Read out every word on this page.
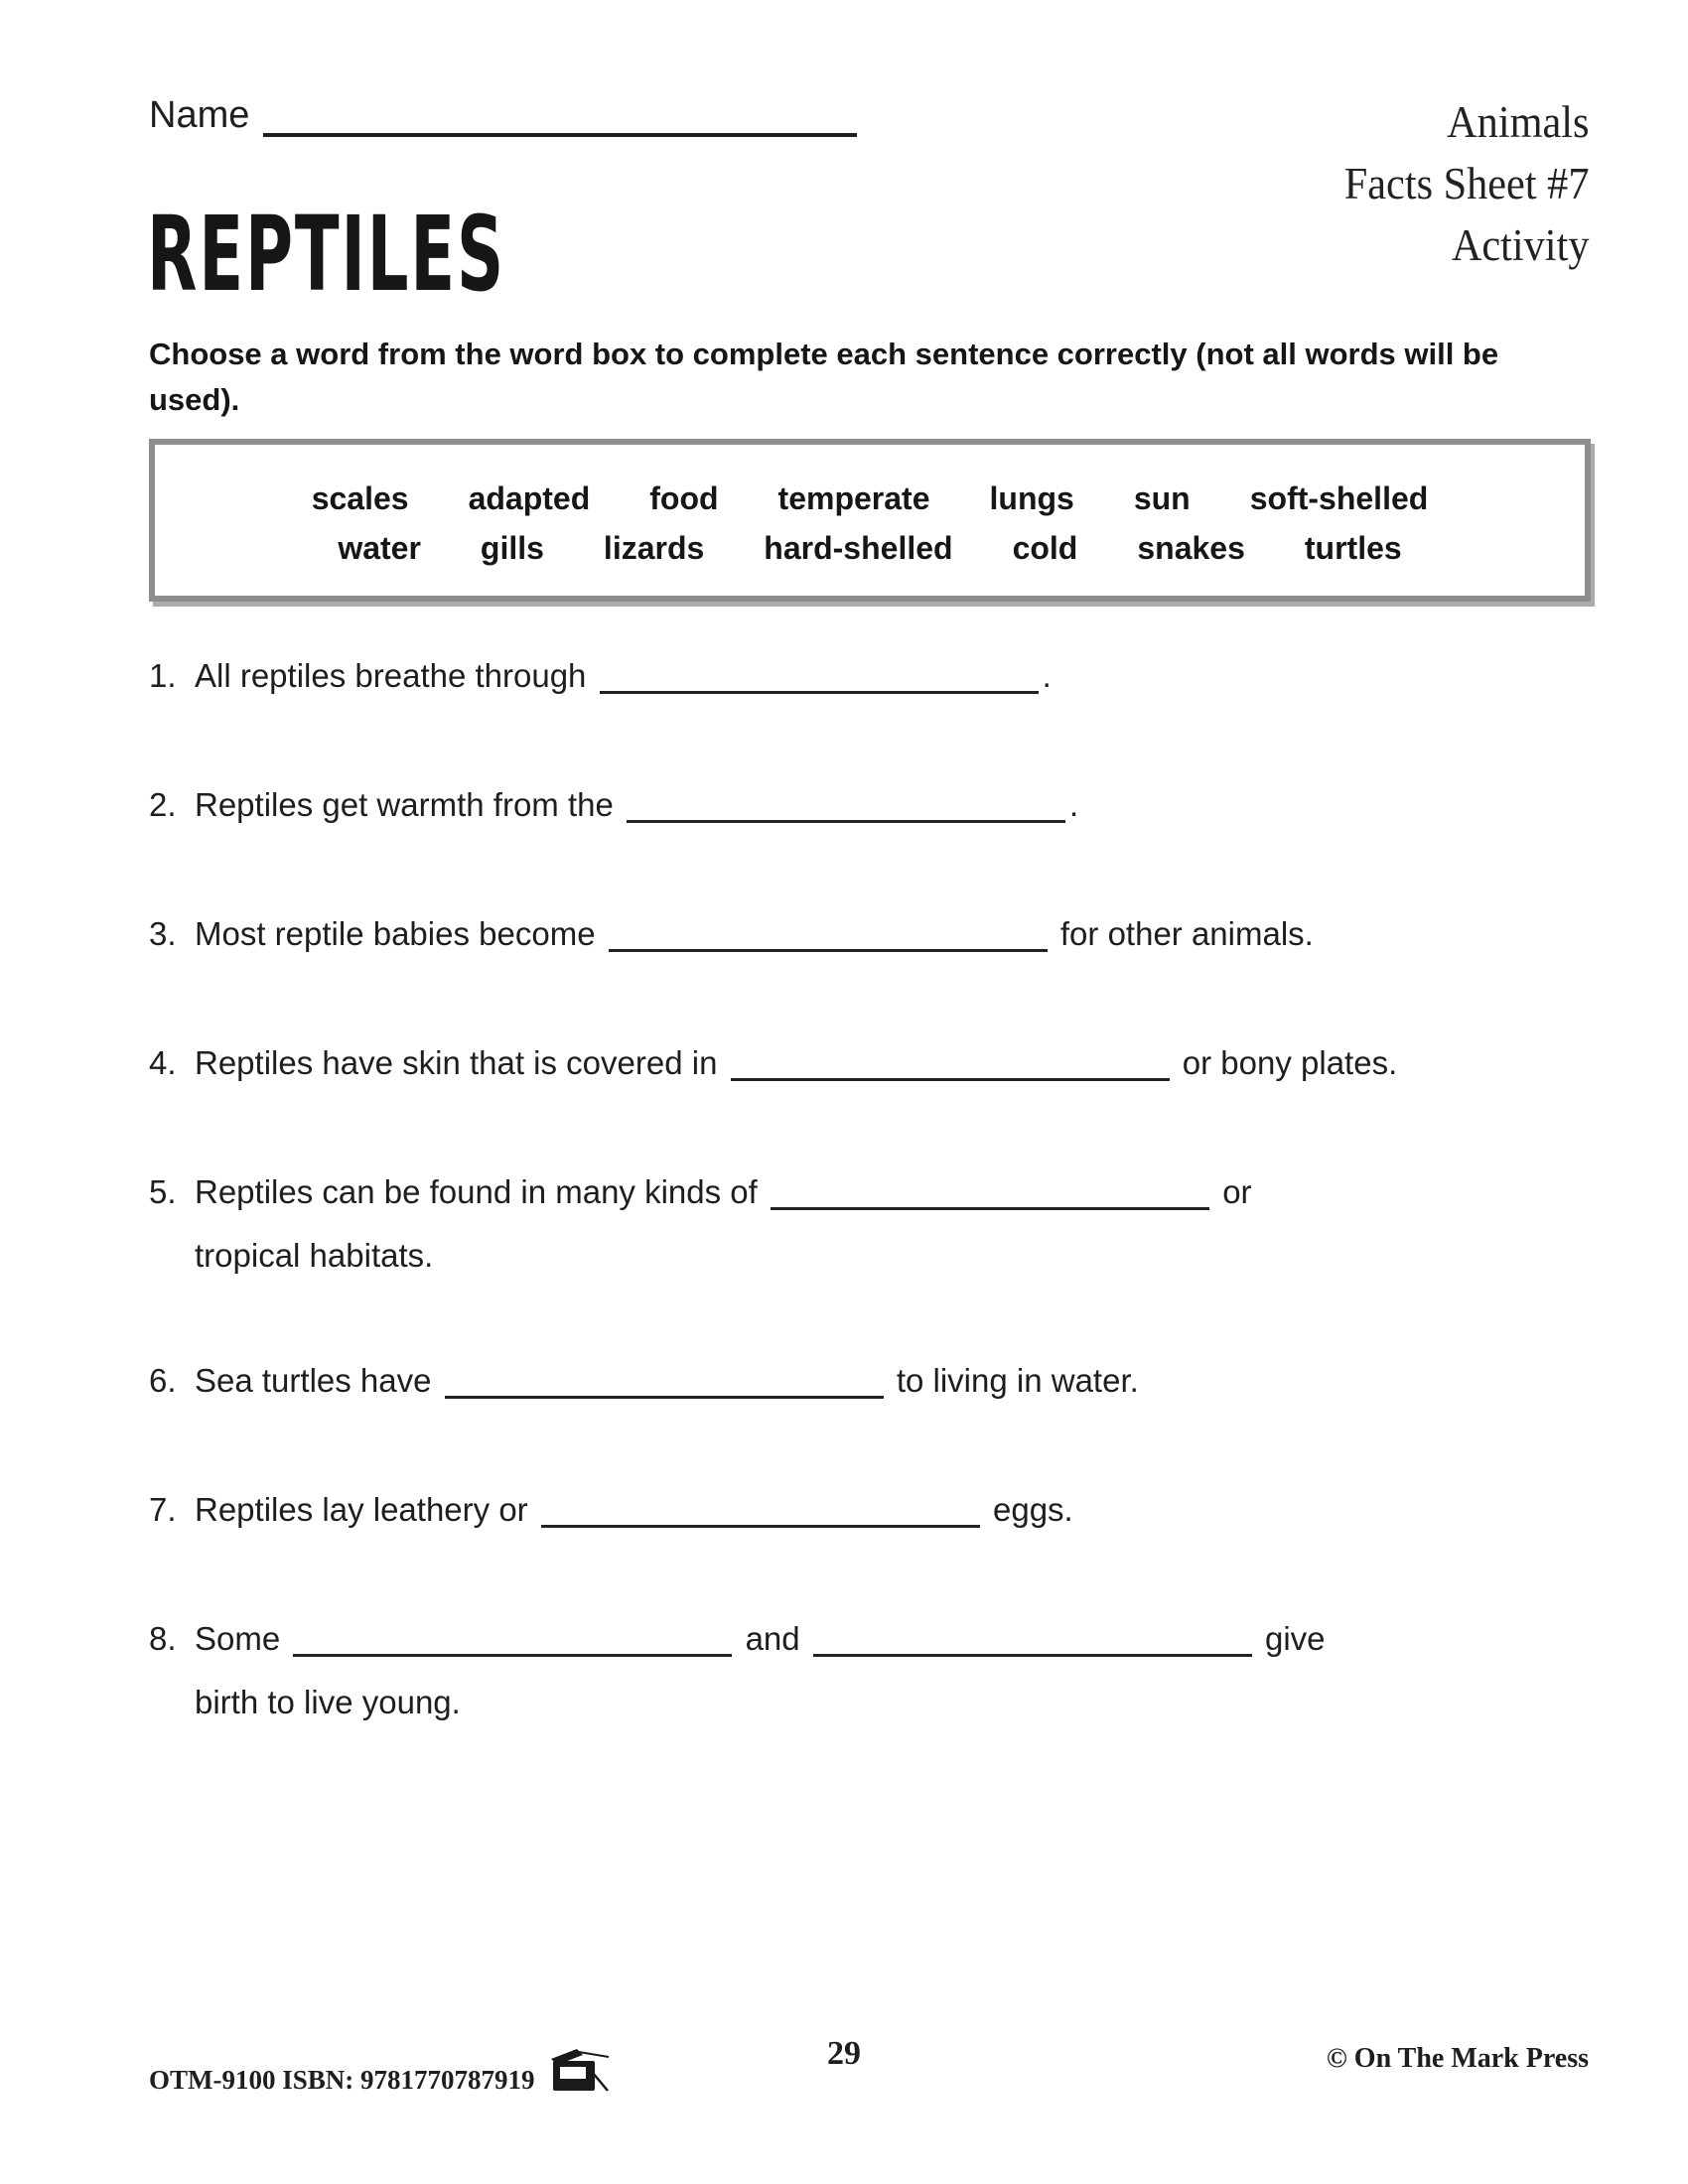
Name	Animals
Facts Sheet #7
Activity
REPTILES
Choose a word from the word box to complete each sentence correctly (not all words will be used).
scales adapted food temperate lungs sun soft-shelled
water gills lizards hard-shelled cold snakes turtles
1. All reptiles breathe through	.
2. Reptiles get warmth from the	.
3. Most reptile babies become	for other animals.
4. Reptiles have skin that is covered in	or bony plates.
5. Reptiles can be found in many kinds of	or
tropical habitats.
6. Sea turtles have	to living in water.
7. Reptiles lay leathery or	eggs.
8. Some	and	give
birth to live young.
OTM-9100 ISBN: 9781770787919
29	© On The Mark Press
